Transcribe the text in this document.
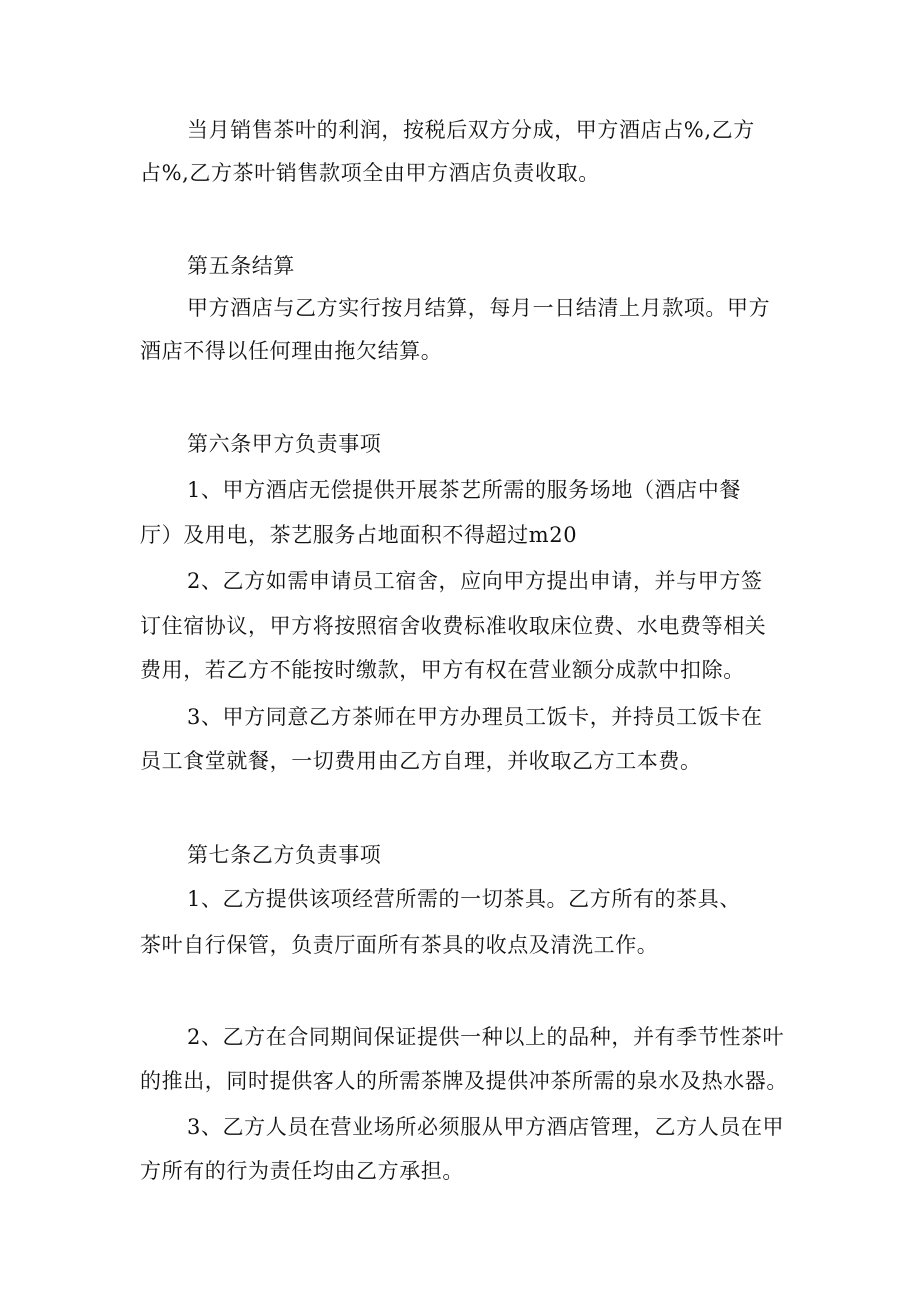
当月销售茶叶的利润，按税后双方分成，甲方酒店占%,乙方
占%,乙方茶叶销售款项全由甲方酒店负责收取。
第五条结算
甲方酒店与乙方实行按月结算，每月一日结清上月款项。甲方
酒店不得以任何理由拖欠结算。
第六条甲方负责事项
1、甲方酒店无偿提供开展茶艺所需的服务场地（酒店中餐
厅）及用电，茶艺服务占地面积不得超过m20
2、乙方如需申请员工宿舍，应向甲方提出申请，并与甲方签
订住宿协议，甲方将按照宿舍收费标准收取床位费、水电费等相关
费用，若乙方不能按时缴款，甲方有权在营业额分成款中扣除。
3、甲方同意乙方茶师在甲方办理员工饭卡，并持员工饭卡在
员工食堂就餐，一切费用由乙方自理，并收取乙方工本费。
第七条乙方负责事项
1、乙方提供该项经营所需的一切茶具。乙方所有的茶具、
茶叶自行保管，负责厅面所有茶具的收点及清洗工作。
2、乙方在合同期间保证提供一种以上的品种，并有季节性茶叶
的推出，同时提供客人的所需茶牌及提供冲茶所需的泉水及热水器。
3、乙方人员在营业场所必须服从甲方酒店管理，乙方人员在甲
方所有的行为责任均由乙方承担。
